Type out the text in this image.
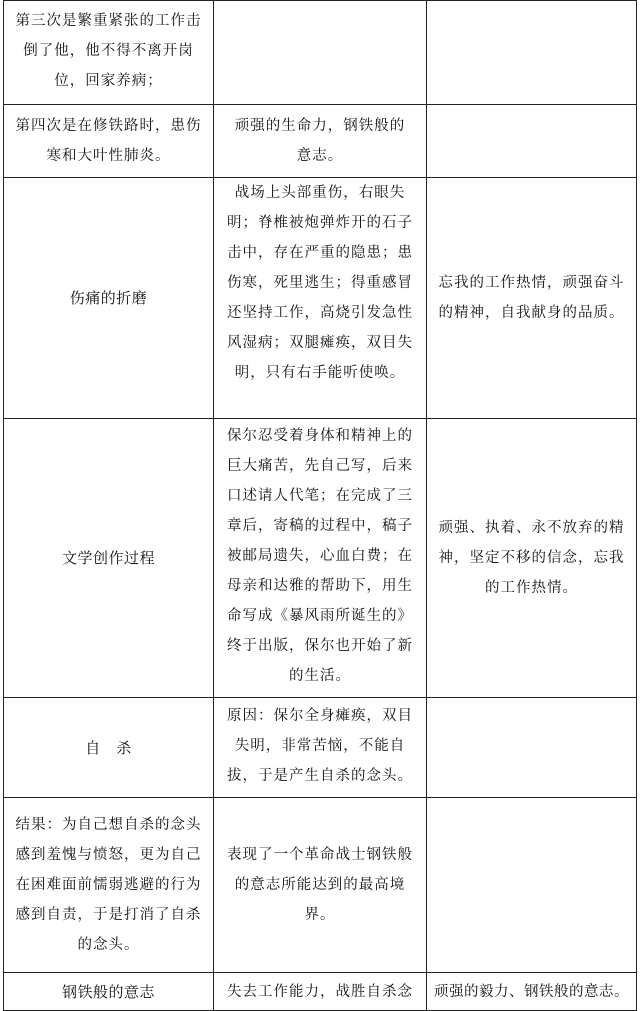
第三次是繁重紧张的工作击倒了他，他不得不离开岗位，回家养病；
第四次是在修铁路时，患伤寒和大叶性肺炎。
顽强的生命力，钢铁般的意志。
伤痛的折磨
战场上头部重伤，右眼失明；脊椎被炮弹炸开的石子击中，存在严重的隐患；患伤寒，死里逃生；得重感冒还坚持工作，高烧引发急性风湿病；双腿瘫痪，双目失明，只有右手能听使唤。
忘我的工作热情，顽强奋斗的精神，自我献身的品质。
文学创作过程
保尔忍受着身体和精神上的巨大痛苦，先自己写，后来口述请人代笔；在完成了三章后，寄稿的过程中，稿子被邮局遗失，心血白费；在母亲和达雅的帮助下，用生命写成《暴风雨所诞生的》终于出版，保尔也开始了新的生活。
顽强、执着、永不放弃的精神，坚定不移的信念，忘我的工作热情。
自　杀
原因：保尔全身瘫痪，双目失明，非常苦恼，不能自拔，于是产生自杀的念头。
结果：为自己想自杀的念头感到羞愧与愤怒，更为自己在困难面前懦弱逃避的行为感到自责，于是打消了自杀的念头。
表现了一个革命战士钢铁般的意志所能达到的最高境界。
钢铁般的意志	失去工作能力，战胜自杀念 顽强的毅力、钢铁般的意志。
